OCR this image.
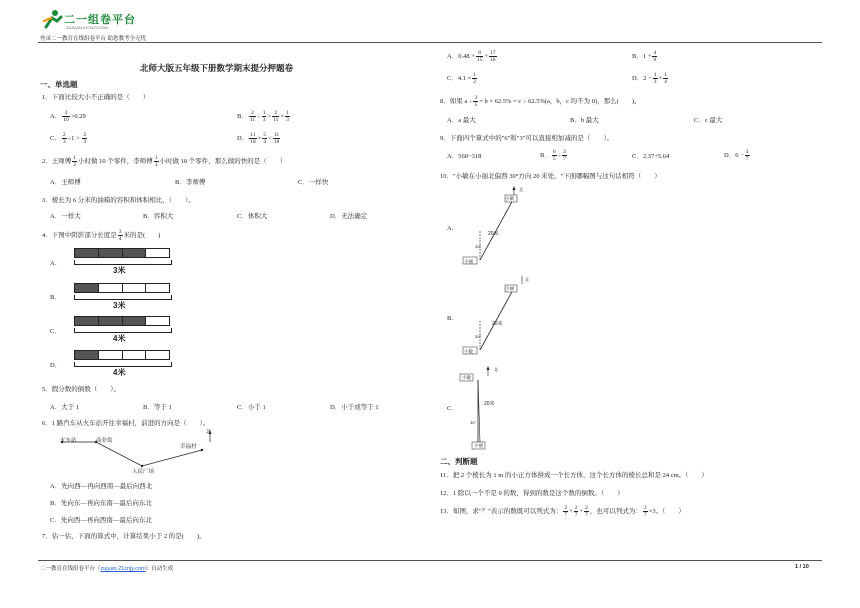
二一组卷平台
ZUJUAN.21CNJY.COM
登录二一教育在线组卷平台 助您教考全无忧
北师大版五年级下册数学期末提分押题卷
一、单选题
1．下面比较大小不正确的是（　　）
A． $\frac{3}{10} >0.29$	B． $\frac{2}{11} \div \frac{1}{3} > \frac{2}{11} \times \frac{1}{3}$
C． $\frac{2}{3} \div 1 > \frac{2}{3}$	D． $\frac{11}{18} \times \frac{5}{4} < \frac{11}{18}$
2．王师傅 $\frac{1}{2}$ 小时做 10 个零件，李师傅 $\frac{1}{3}$ 小时做 10 个零件，那么做的快的是（　　）
A．王师傅	B．李师傅	C．一样快
3．棱长为 6 分米的油箱的容积和体积相比，（　　）。
A．一样大	B．容积大	C．体积大	D．无法确定
4．下图中阴影部分长度是 $\frac{3}{4}$ 米的是(　　)
A．
3米
B．
3米
C．
4米
D．
4米
5．假分数的倒数（　　）。
A．大于 1	B．等于 1	C．小于 1	D．小于或等于 1
6．1 路汽车从火车站开往幸福村，前进的方向是（　　）。
火车站	商业街
幸福村
人民广场
北
A．先向西—再向西南—最后向西北
B．先向东—再向东南—最后向东北
C．先向西—再向西南—最后向东北
7．估一估，下面的算式中，计算结果小于 2 的是(　　)。
A．$0.48 + \frac{8}{15} + \frac{17}{16}$	B．$1 + \frac{4}{9}$
C．$4.1 \times \frac{1}{2}$	D．$2 - \frac{1}{3} + \frac{1}{4}$
8．如果 $a \div \frac{3}{5} = b \times 62.5\% = c \div 62.5\%(a$，b，c 均不为 0)，那么(　　)。
A．a 最大	B．b 最大	C．c 最大
9．下面四个算式中的"6"和"3"可以直接相加减的是（　　）。
A．560−318	B． $\frac{6}{5} \div \frac{3}{7}$	C．2.37+5.64	D．$6 - \frac{3}{7}$
10．"小敏在小丽北偏西 30°方向 20 米处。"下面哪幅图与这句话相符（　　）
A.
小敏
小丽
20米
30°
北
B.
小丽
小敏
20米
30°
北
C.
小敏
小丽
20米
30°
北
二、判断题
11．把 2 个棱长为 1 m 的小正方体拼成一个长方体，这个长方体的棱长总和是 24 cm。（　　）
12．1 除以一个不是 0 的数，得到的数是这个数的倒数。（　　）
13．如图，求"？"表示的数既可以列式为： $\frac{2}{7} + \frac{2}{7} + \frac{2}{7}$ ，也可以列式为： $\frac{2}{7} \times 3$。（　　）
二一教育在线组卷平台（zujuan.21cnjy.com）自动生成	1 / 10
